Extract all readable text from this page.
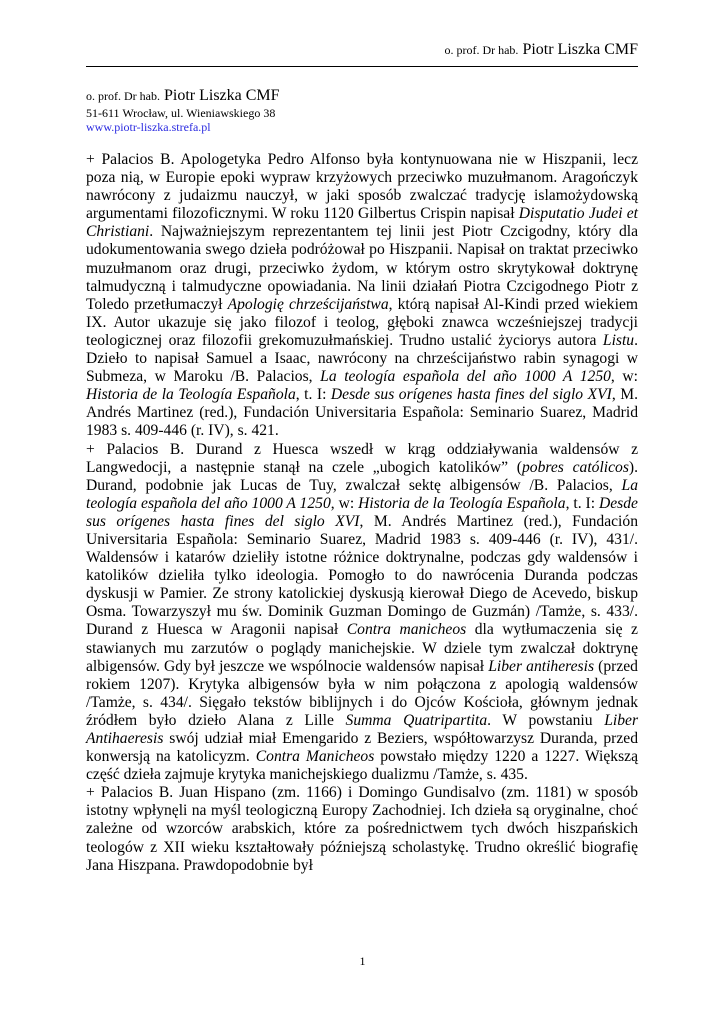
o. prof. Dr hab. Piotr Liszka CMF
o. prof. Dr hab. Piotr Liszka CMF
51-611 Wrocław, ul. Wieniawskiego 38
www.piotr-liszka.strefa.pl

+ Palacios B. Apologetyka Pedro Alfonso była kontynuowana nie w Hiszpanii, lecz poza nią, w Europie epoki wypraw krzyżowych przeciwko muzułmanom. Aragończyk nawrócony z judaizmu nauczył, w jaki sposób zwalczać tradycję islamożydowską argumentami filozoficznymi. W roku 1120 Gilbertus Crispin napisał Disputatio Judei et Christiani. Najważniejszym reprezentantem tej linii jest Piotr Czcigodny, który dla udokumentowania swego dzieła podróżował po Hiszpanii. Napisał on traktat przeciwko muzułmanom oraz drugi, przeciwko żydom, w którym ostro skrytykował doktrynę talmudyczną i talmudyczne opowiadania. Na linii działań Piotra Czcigodnego Piotr z Toledo przetłumaczył Apologię chrześcijaństwa, którą napisał Al-Kindi przed wiekiem IX. Autor ukazuje się jako filozof i teolog, głęboki znawca wcześniejszej tradycji teologicznej oraz filozofii grekomuzułmańskiej. Trudno ustalić życiorys autora Listu. Dzieło to napisał Samuel a Isaac, nawrócony na chrześcijaństwo rabin synagogi w Submeza, w Maroku /B. Palacios, La teología española del año 1000 A 1250, w: Historia de la Teología Española, t. I: Desde sus orígenes hasta fines del siglo XVI, M. Andrés Martinez (red.), Fundación Universitaria Española: Seminario Suarez, Madrid 1983 s. 409-446 (r. IV), s. 421.

+ Palacios B. Durand z Huesca wszedł w krąg oddziaływania waldensów z Langwedocji, a następnie stanął na czele „ubogich katolików” (pobres católicos). Durand, podobnie jak Lucas de Tuy, zwalczał sektę albigensów /B. Palacios, La teología española del año 1000 A 1250, w: Historia de la Teología Española, t. I: Desde sus orígenes hasta fines del siglo XVI, M. Andrés Martinez (red.), Fundación Universitaria Española: Seminario Suarez, Madrid 1983 s. 409-446 (r. IV), 431/. Waldensów i katarów dzieliły istotne różnice doktrynalne, podczas gdy waldensów i katolików dzieliła tylko ideologia. Pomogło to do nawrócenia Duranda podczas dyskusji w Pamier. Ze strony katolickiej dyskusją kierował Diego de Acevedo, biskup Osma. Towarzyszył mu św. Dominik Guzman Domingo de Guzmán) /Tamże, s. 433/. Durand z Huesca w Aragonii napisał Contra manicheos dla wytłumaczenia się z stawianych mu zarzutów o poglądy manichejskie. W dziele tym zwalczał doktrynę albigensów. Gdy był jeszcze we wspólnocie waldensów napisał Liber antiheresis (przed rokiem 1207). Krytyka albigensów była w nim połączona z apologią waldensów /Tamże, s. 434/. Sięgało tekstów biblijnych i do Ojców Kościoła, głównym jednak źródłem było dzieło Alana z Lille Summa Quatripartita. W powstaniu Liber Antihaeresis swój udział miał Emengarido z Beziers, współtowarzysz Duranda, przed konwersją na katolicyzm. Contra Manicheos powstało między 1220 a 1227. Większą część dzieła zajmuje krytyka manichejskiego dualizmu /Tamże, s. 435.

+ Palacios B. Juan Hispano (zm. 1166) i Domingo Gundisalvo (zm. 1181) w sposób istotny wpłynęli na myśl teologiczną Europy Zachodniej. Ich dzieła są oryginalne, choć zależne od wzorców arabskich, które za pośrednictwem tych dwóch hiszpańskich teologów z XII wieku kształtowały późniejszą scholastykę. Trudno określić biografię Jana Hiszpana. Prawdopodobnie był

1
